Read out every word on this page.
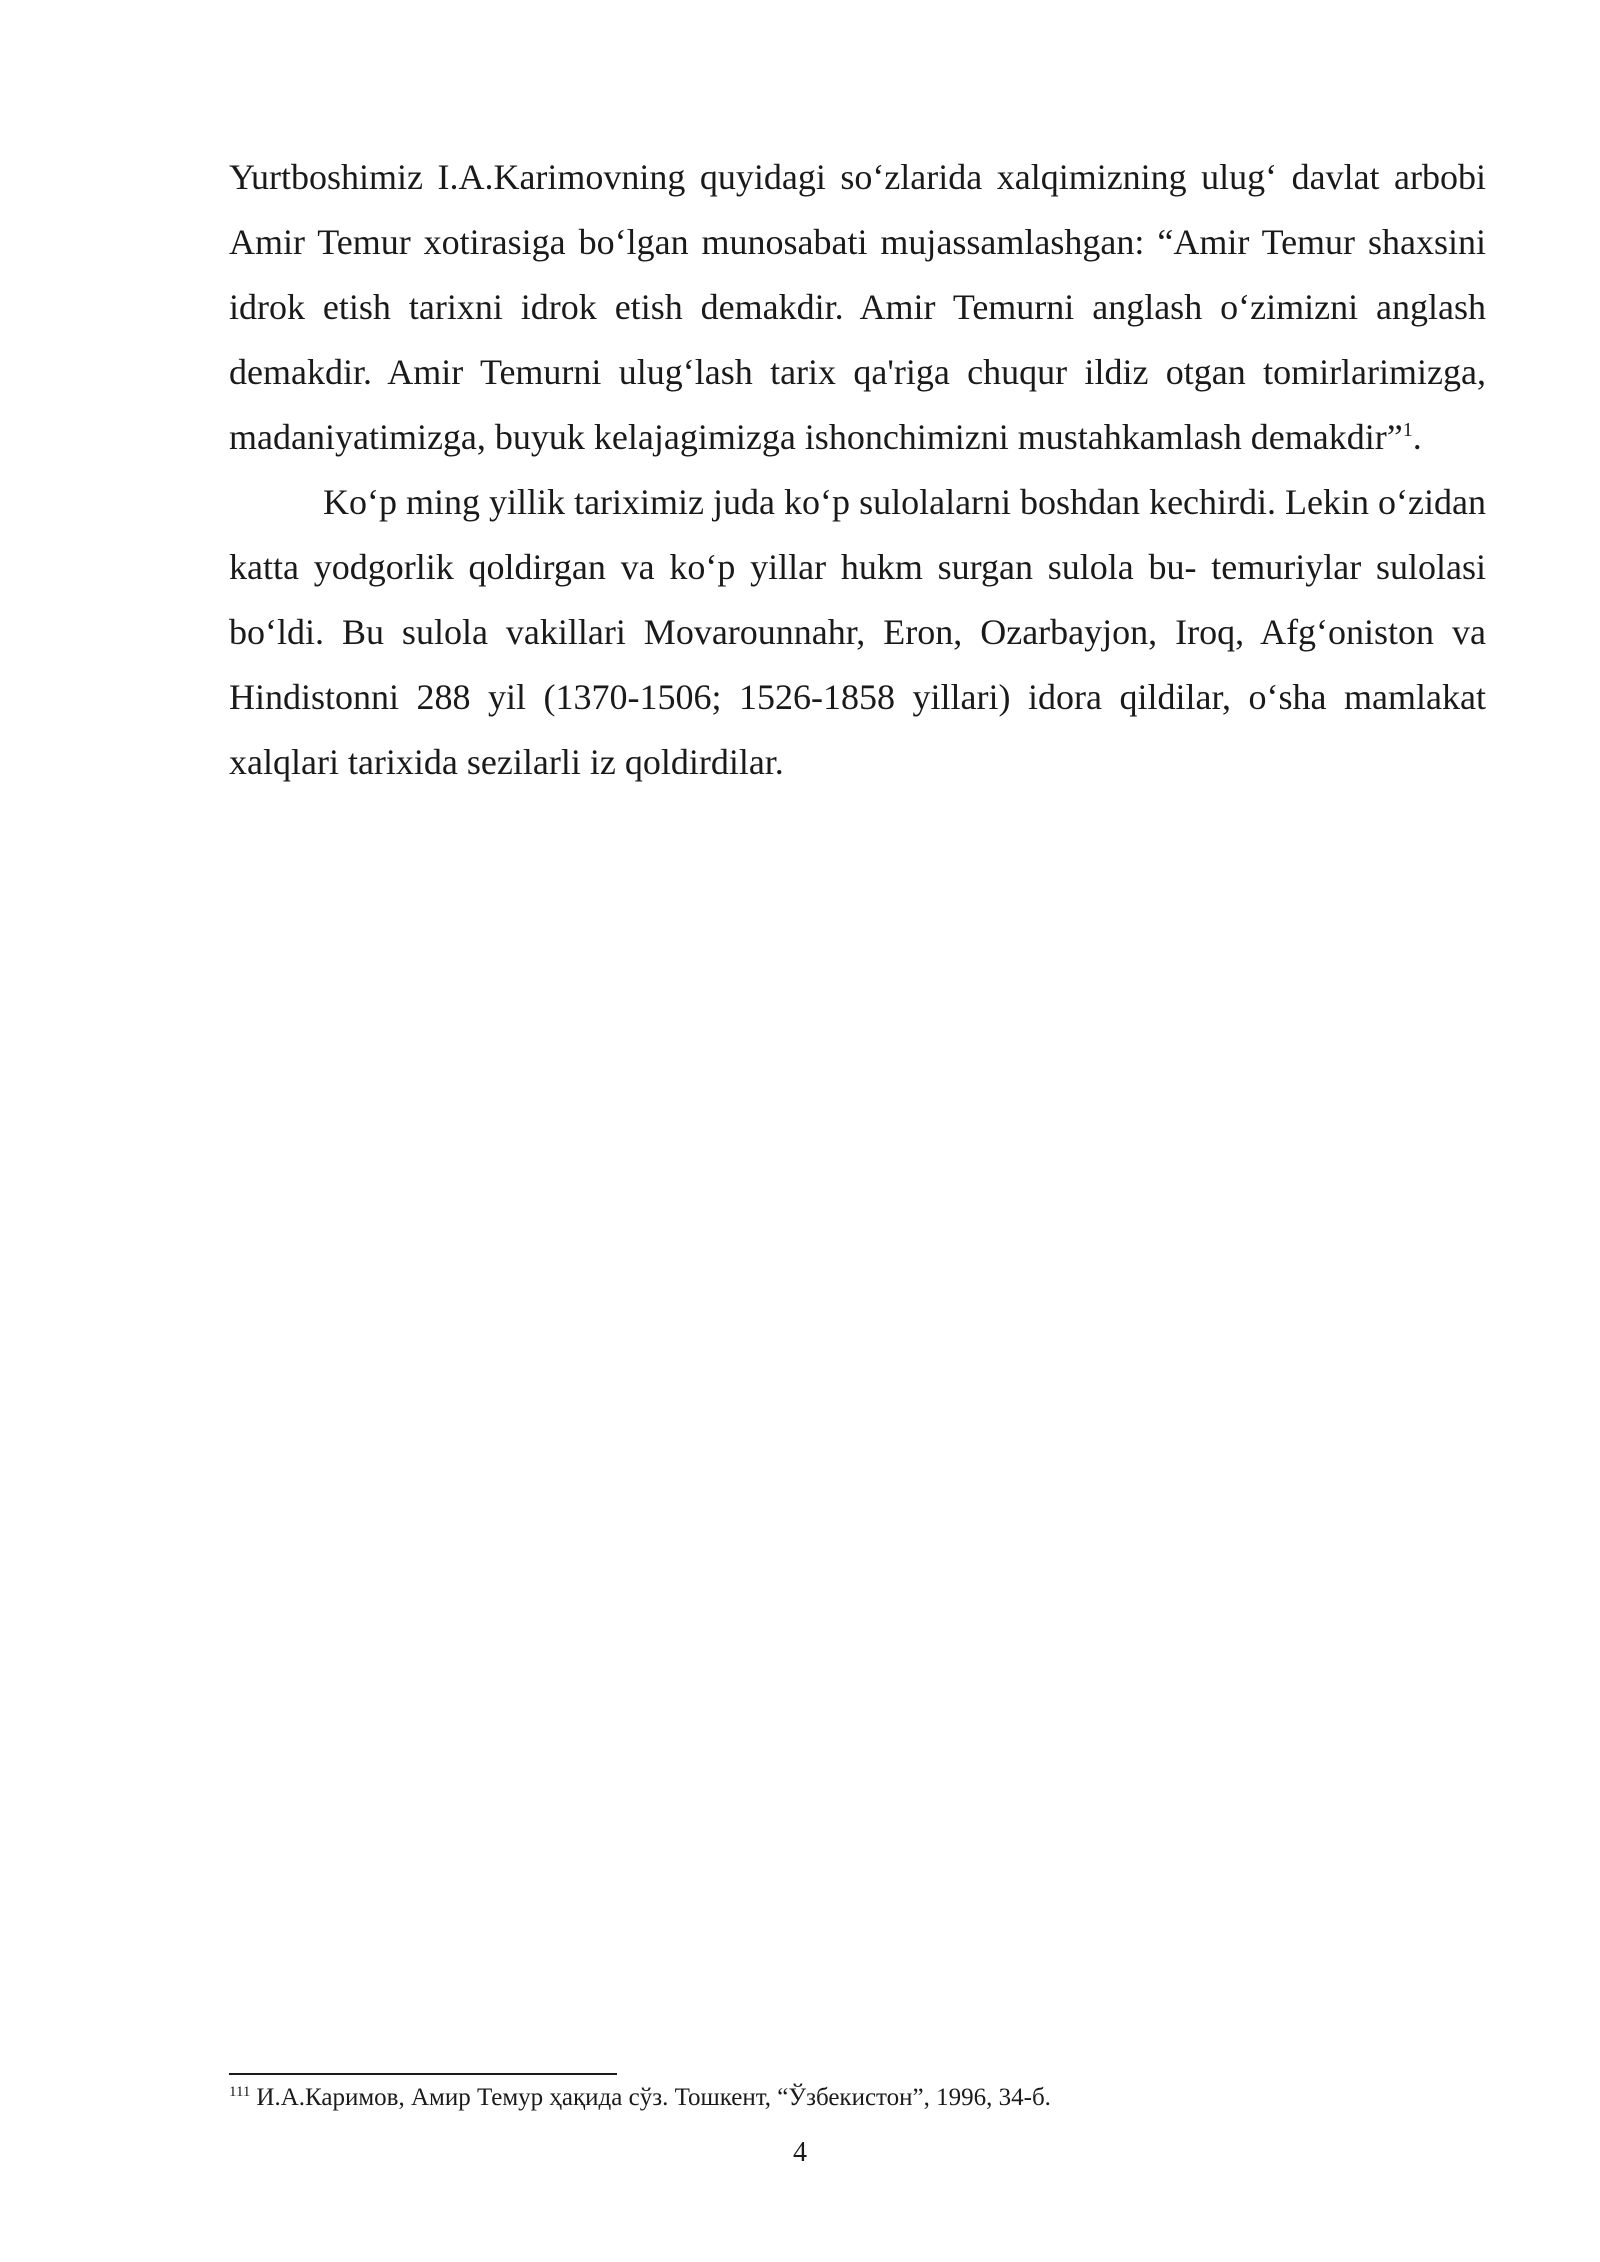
Yurtboshimiz I.A.Karimovning quyidagi so‘zlarida xalqimizning ulug‘ davlat arbobi Amir Temur xotirasiga bo‘lgan munosabati mujassamlashgan: “Amir Temur shaxsini idrok etish tarixni idrok etish demakdir. Amir Temurni anglash o‘zimizni anglash demakdir. Amir Temurni ulug‘lash tarix qa'riga chuqur ildiz otgan tomirlarimizga, madaniyatimizga, buyuk kelajagimizga ishonchimizni mustahkamlash demakdir”$^1$.

Ko‘p ming yillik tariximiz juda ko‘p sulolalarni boshdan kechirdi. Lekin o‘zidan katta yodgorlik qoldirgan va ko‘p yillar hukm surgan sulola bu- temuriylar sulolasi bo‘ldi. Bu sulola vakillari Movarounnahr, Eron, Ozarbayjon, Iroq, Afg‘oniston va Hindistonni 288 yil (1370-1506; 1526-1858 yillari) idora qildilar, o‘sha mamlakat xalqlari tarixida sezilarli iz qoldirdilar.

$^{111}$ И.А.Каримов, Амир Темур ҳақида сўз. Тошкент, “Ўзбекистон”, 1996, 34-б.
4
